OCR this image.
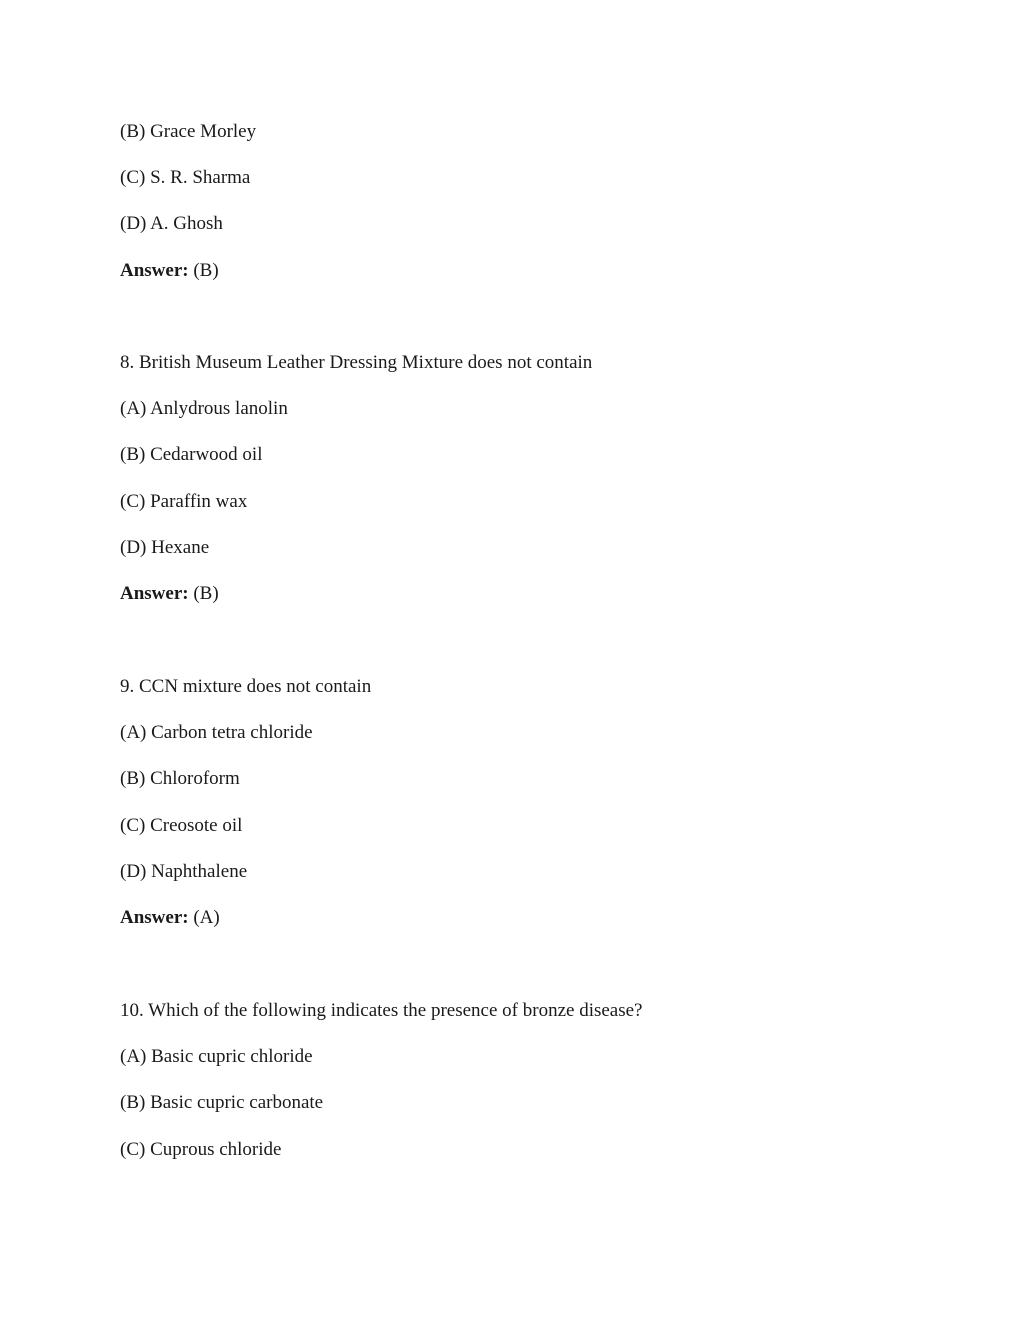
(B) Grace Morley
(C) S. R. Sharma
(D) A. Ghosh
Answer: (B)
8. British Museum Leather Dressing Mixture does not contain
(A) Anlydrous lanolin
(B) Cedarwood oil
(C) Paraffin wax
(D) Hexane
Answer: (B)
9. CCN mixture does not contain
(A) Carbon tetra chloride
(B) Chloroform
(C) Creosote oil
(D) Naphthalene
Answer: (A)
10. Which of the following indicates the presence of bronze disease?
(A) Basic cupric chloride
(B) Basic cupric carbonate
(C) Cuprous chloride
